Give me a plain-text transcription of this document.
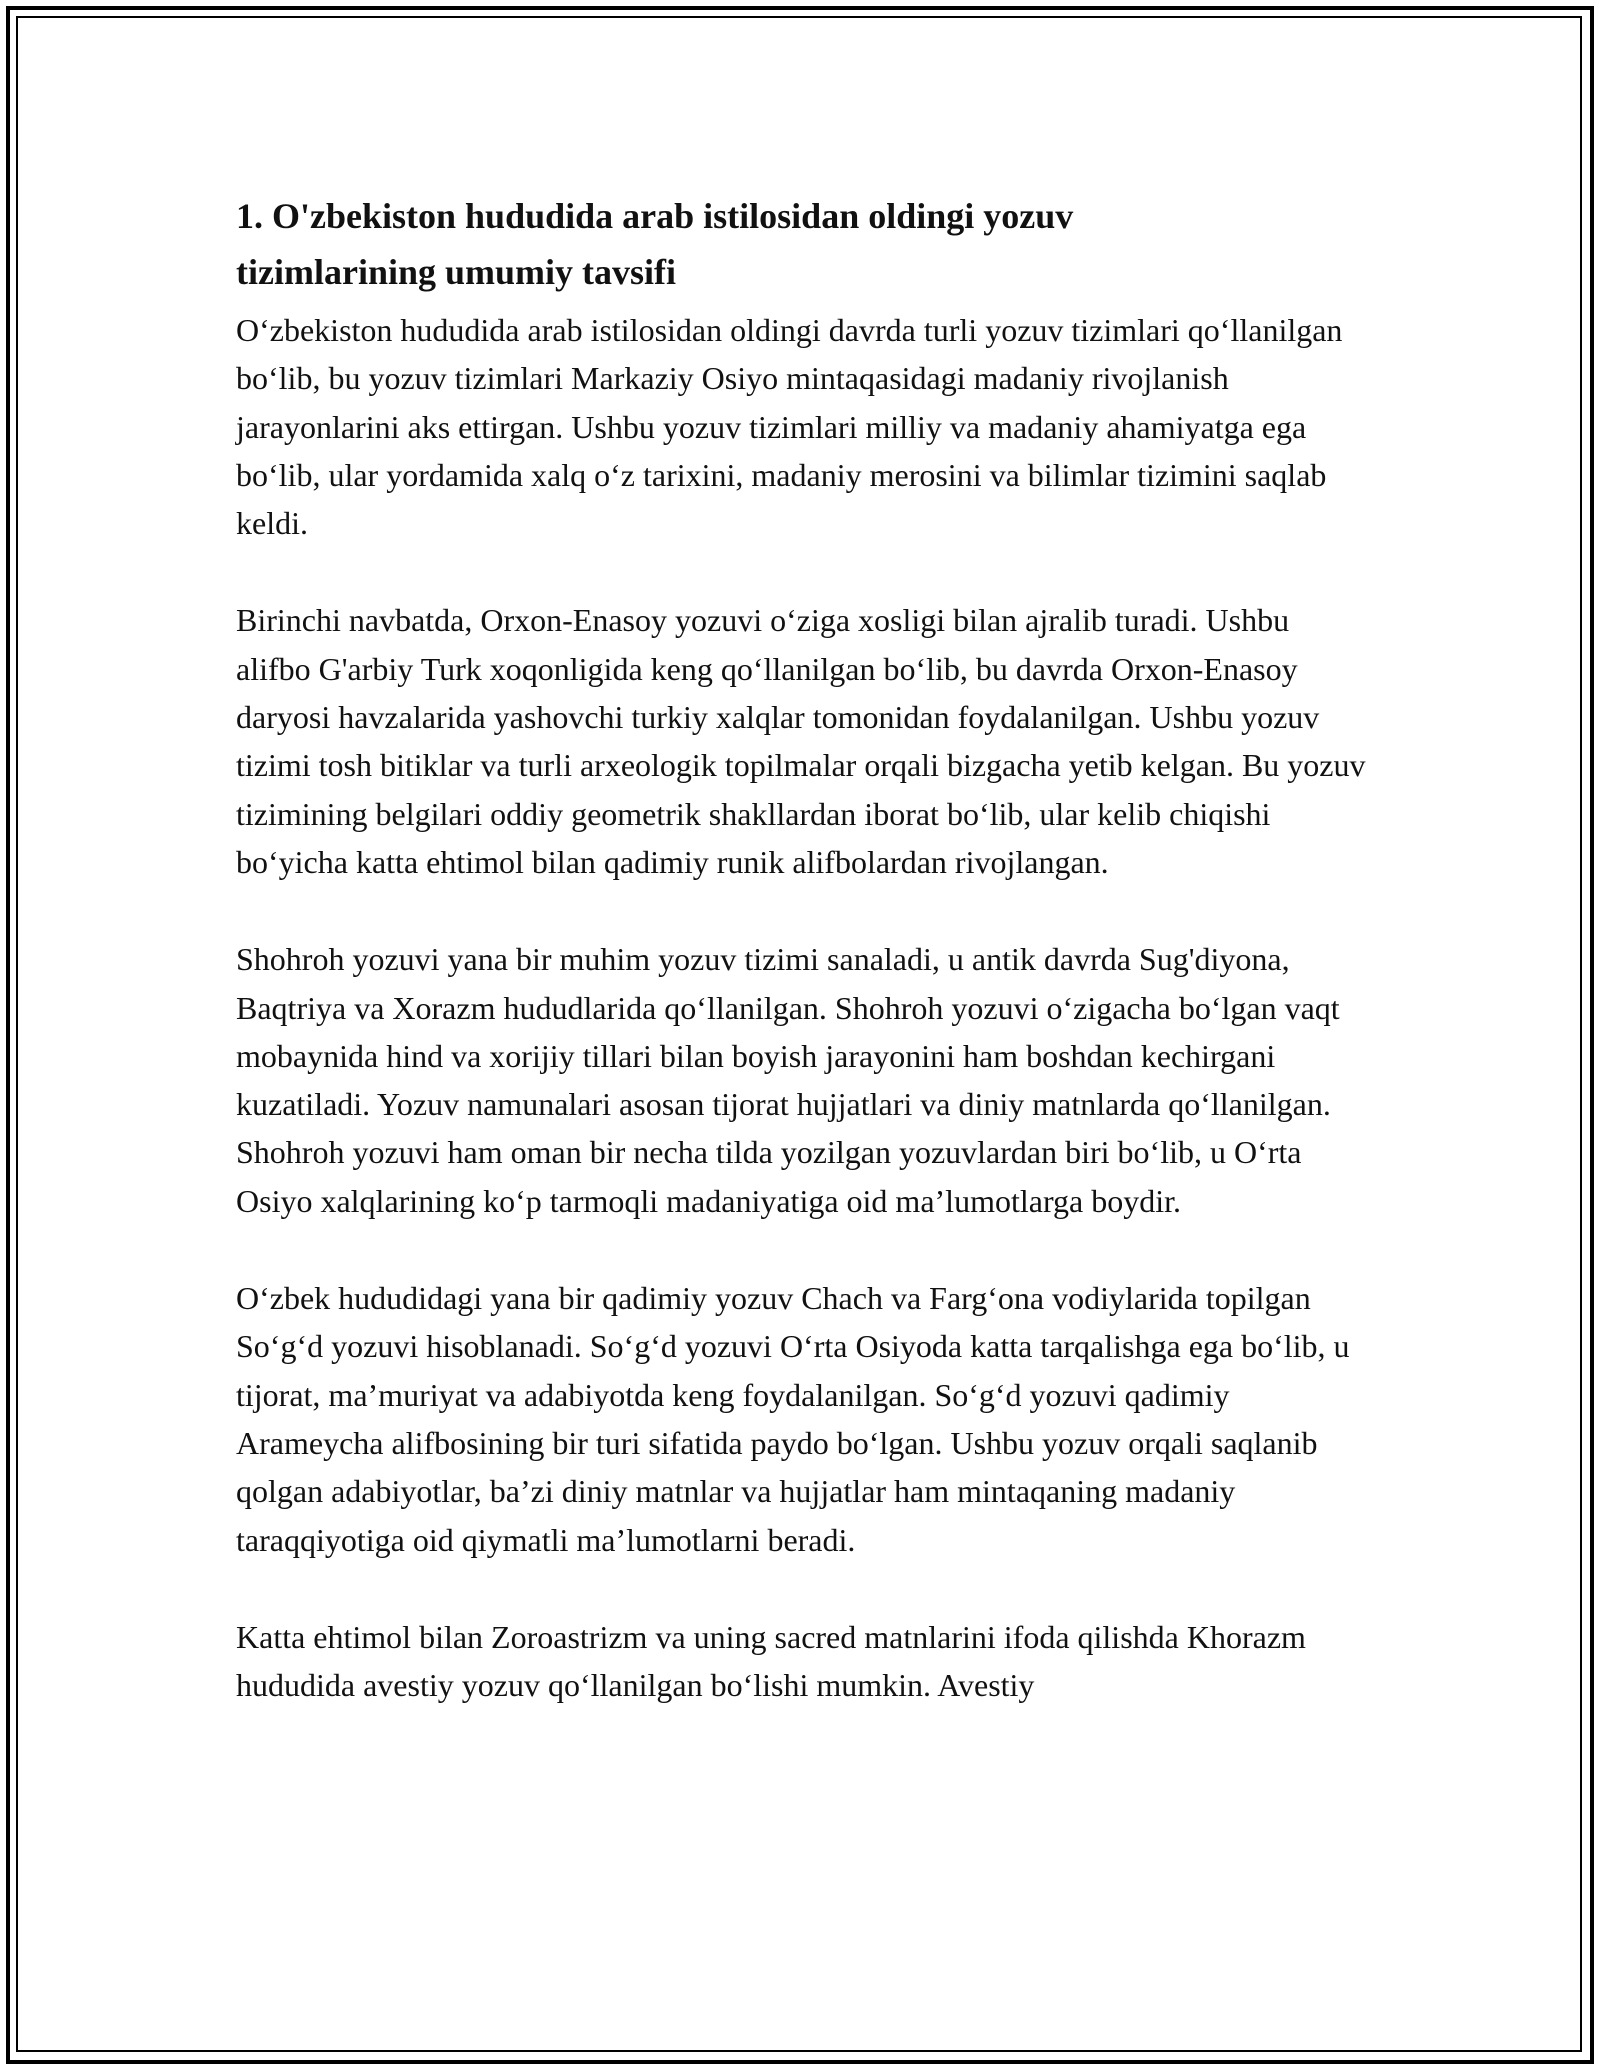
1. O'zbekiston hududida arab istilosidan oldingi yozuv tizimlarining umumiy tavsifi

O‘zbekiston hududida arab istilosidan oldingi davrda turli yozuv tizimlari qo‘llanilgan bo‘lib, bu yozuv tizimlari Markaziy Osiyo mintaqasidagi madaniy rivojlanish jarayonlarini aks ettirgan. Ushbu yozuv tizimlari milliy va madaniy ahamiyatga ega bo‘lib, ular yordamida xalq o‘z tarixini, madaniy merosini va bilimlar tizimini saqlab keldi.

Birinchi navbatda, Orxon-Enasoy yozuvi o‘ziga xosligi bilan ajralib turadi. Ushbu alifbo G'arbiy Turk xoqonligida keng qo‘llanilgan bo‘lib, bu davrda Orxon-Enasoy daryosi havzalarida yashovchi turkiy xalqlar tomonidan foydalanilgan. Ushbu yozuv tizimi tosh bitiklar va turli arxeologik topilmalar orqali bizgacha yetib kelgan. Bu yozuv tizimining belgilari oddiy geometrik shakllardan iborat bo‘lib, ular kelib chiqishi bo‘yicha katta ehtimol bilan qadimiy runik alifbolardan rivojlangan.

Shohroh yozuvi yana bir muhim yozuv tizimi sanaladi, u antik davrda Sug'diyona, Baqtriya va Xorazm hududlarida qo‘llanilgan. Shohroh yozuvi o‘zigacha bo‘lgan vaqt mobaynida hind va xorijiy tillari bilan boyish jarayonini ham boshdan kechirgani kuzatiladi. Yozuv namunalari asosan tijorat hujjatlari va diniy matnlarda qo‘llanilgan. Shohroh yozuvi ham oman bir necha tilda yozilgan yozuvlardan biri bo‘lib, u O‘rta Osiyo xalqlarining ko‘p tarmoqli madaniyatiga oid ma’lumotlarga boydir.

O‘zbek hududidagi yana bir qadimiy yozuv Chach va Farg‘ona vodiylarida topilgan So‘g‘d yozuvi hisoblanadi. So‘g‘d yozuvi O‘rta Osiyoda katta tarqalishga ega bo‘lib, u tijorat, ma’muriyat va adabiyotda keng foydalanilgan. So‘g‘d yozuvi qadimiy Arameycha alifbosining bir turi sifatida paydo bo‘lgan. Ushbu yozuv orqali saqlanib qolgan adabiyotlar, ba’zi diniy matnlar va hujjatlar ham mintaqaning madaniy taraqqiyotiga oid qiymatli ma’lumotlarni beradi.

Katta ehtimol bilan Zoroastrizm va uning sacred matnlarini ifoda qilishda Khorazm hududida avestiy yozuv qo‘llanilgan bo‘lishi mumkin. Avestiy
